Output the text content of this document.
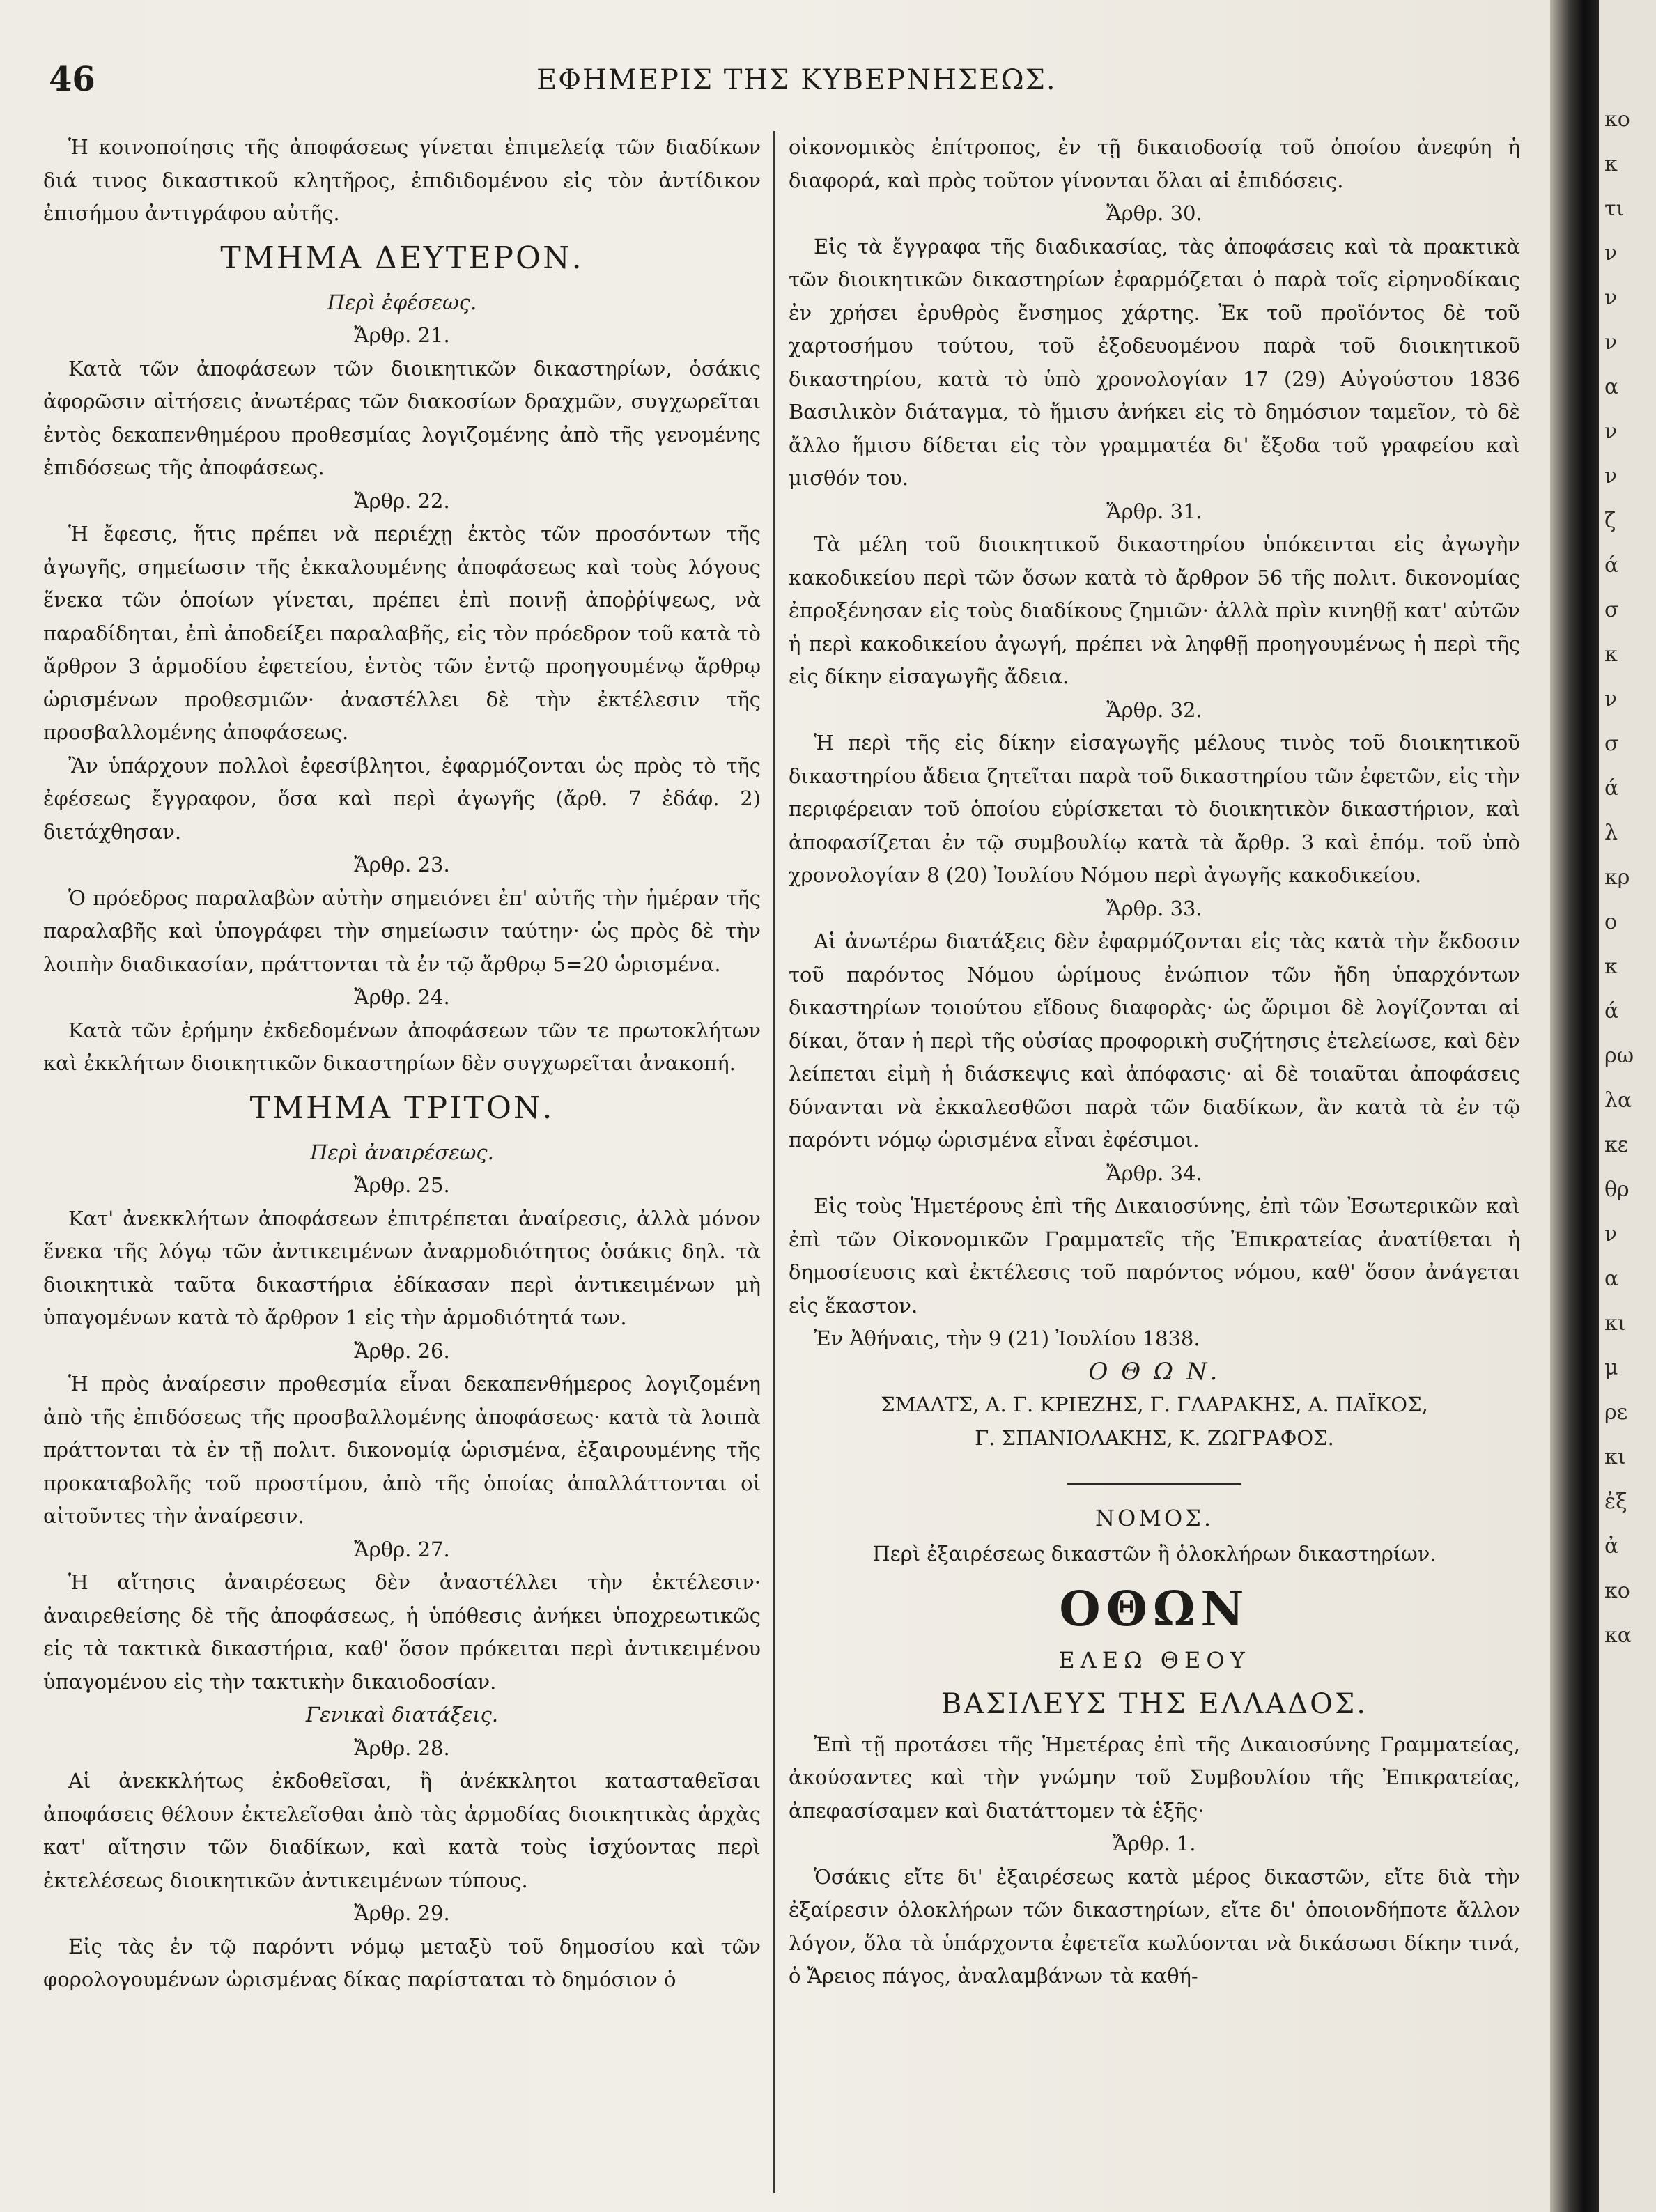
46	ΕΦΗΜΕΡΙΣ ΤΗΣ ΚΥΒΕΡΝΗΣΕΩΣ.

Ἡ κοινοποίησις τῆς ἀποφάσεως γίνεται ἐπιμελείᾳ τῶν διαδίκων διά τινος δικαστικοῦ κλητῆρος, ἐπιδιδομένου εἰς τὸν ἀντίδικον ἐπισήμου ἀντιγράφου αὐτῆς.

ΤΜΗΜΑ ΔΕΥΤΕΡΟΝ.
Περὶ ἐφέσεως.
Ἄρθρ. 21.

Κατὰ τῶν ἀποφάσεων τῶν διοικητικῶν δικαστηρίων, ὁσάκις ἀφορῶσιν αἰτήσεις ἀνωτέρας τῶν διακοσίων δραχμῶν, συγχωρεῖται ἐντὸς δεκαπενθημέρου προθεσμίας λογιζομένης ἀπὸ τῆς γενομένης ἐπιδόσεως τῆς ἀποφάσεως.

Ἄρθρ. 22.

Ἡ ἔφεσις, ἥτις πρέπει νὰ περιέχῃ ἐκτὸς τῶν προσόντων τῆς ἀγωγῆς, σημείωσιν τῆς ἐκκαλουμένης ἀποφάσεως καὶ τοὺς λόγους ἕνεκα τῶν ὁποίων γίνεται, πρέπει ἐπὶ ποινῇ ἀποῤῥίψεως, νὰ παραδίδηται, ἐπὶ ἀποδείξει παραλαβῆς, εἰς τὸν πρόεδρον τοῦ κατὰ τὸ ἄρθρον 3 ἁρμοδίου ἐφετείου, ἐντὸς τῶν ἐντῷ προηγουμένῳ ἄρθρῳ ὡρισμένων προθεσμιῶν· ἀναστέλλει δὲ τὴν ἐκτέλεσιν τῆς προσβαλλομένης ἀποφάσεως.

Ἂν ὑπάρχουν πολλοὶ ἐφεσίβλητοι, ἐφαρμόζονται ὡς πρὸς τὸ τῆς ἐφέσεως ἔγγραφον, ὅσα καὶ περὶ ἀγωγῆς (ἄρθ. 7 ἐδάφ. 2) διετάχθησαν.

Ἄρθρ. 23.

Ὁ πρόεδρος παραλαβὼν αὐτὴν σημειόνει ἐπ' αὐτῆς τὴν ἡμέραν τῆς παραλαβῆς καὶ ὑπογράφει τὴν σημείωσιν ταύτην· ὡς πρὸς δὲ τὴν λοιπὴν διαδικασίαν, πράττονται τὰ ἐν τῷ ἄρθρῳ 5=20 ὡρισμένα.

Ἄρθρ. 24.

Κατὰ τῶν ἐρήμην ἐκδεδομένων ἀποφάσεων τῶν τε πρωτοκλήτων καὶ ἐκκλήτων διοικητικῶν δικαστηρίων δὲν συγχωρεῖται ἀνακοπή.

ΤΜΗΜΑ ΤΡΙΤΟΝ.
Περὶ ἀναιρέσεως.
Ἄρθρ. 25.

Κατ' ἀνεκκλήτων ἀποφάσεων ἐπιτρέπεται ἀναίρεσις, ἀλλὰ μόνον ἕνεκα τῆς λόγῳ τῶν ἀντικειμένων ἀναρμοδιότητος ὁσάκις δηλ. τὰ διοικητικὰ ταῦτα δικαστήρια ἐδίκασαν περὶ ἀντικειμένων μὴ ὑπαγομένων κατὰ τὸ ἄρθρον 1 εἰς τὴν ἁρμοδιότητά των.

Ἄρθρ. 26.

Ἡ πρὸς ἀναίρεσιν προθεσμία εἶναι δεκαπενθήμερος λογιζομένη ἀπὸ τῆς ἐπιδόσεως τῆς προσβαλλομένης ἀποφάσεως· κατὰ τὰ λοιπὰ πράττονται τὰ ἐν τῇ πολιτ. δικονομίᾳ ὡρισμένα, ἐξαιρουμένης τῆς προκαταβολῆς τοῦ προστίμου, ἀπὸ τῆς ὁποίας ἀπαλλάττονται οἱ αἰτοῦντες τὴν ἀναίρεσιν.

Ἄρθρ. 27.

Ἡ αἴτησις ἀναιρέσεως δὲν ἀναστέλλει τὴν ἐκτέλεσιν· ἀναιρεθείσης δὲ τῆς ἀποφάσεως, ἡ ὑπόθεσις ἀνήκει ὑποχρεωτικῶς εἰς τὰ τακτικὰ δικαστήρια, καθ' ὅσον πρόκειται περὶ ἀντικειμένου ὑπαγομένου εἰς τὴν τακτικὴν δικαιοδοσίαν.

Γενικαὶ διατάξεις.
Ἄρθρ. 28.

Αἱ ἀνεκκλήτως ἐκδοθεῖσαι, ἢ ἀνέκκλητοι κατασταθεῖσαι ἀποφάσεις θέλουν ἐκτελεῖσθαι ἀπὸ τὰς ἁρμοδίας διοικητικὰς ἀρχὰς κατ' αἴτησιν τῶν διαδίκων, καὶ κατὰ τοὺς ἰσχύοντας περὶ ἐκτελέσεως διοικητικῶν ἀντικειμένων τύπους.

Ἄρθρ. 29.

Εἰς τὰς ἐν τῷ παρόντι νόμῳ μεταξὺ τοῦ δημοσίου καὶ τῶν φορολογουμένων ὡρισμένας δίκας παρίσταται τὸ δημόσιον ὁ

οἰκονομικὸς ἐπίτροπος, ἐν τῇ δικαιοδοσίᾳ τοῦ ὁποίου ἀνεφύη ἡ διαφορά, καὶ πρὸς τοῦτον γίνονται ὅλαι αἱ ἐπιδόσεις.

Ἄρθρ. 30.

Εἰς τὰ ἔγγραφα τῆς διαδικασίας, τὰς ἀποφάσεις καὶ τὰ πρακτικὰ τῶν διοικητικῶν δικαστηρίων ἐφαρμόζεται ὁ παρὰ τοῖς εἰρηνοδίκαις ἐν χρήσει ἐρυθρὸς ἔνσημος χάρτης. Ἐκ τοῦ προϊόντος δὲ τοῦ χαρτοσήμου τούτου, τοῦ ἐξοδευομένου παρὰ τοῦ διοικητικοῦ δικαστηρίου, κατὰ τὸ ὑπὸ χρονολογίαν 17 (29) Αὐγούστου 1836 Βασιλικὸν διάταγμα, τὸ ἥμισυ ἀνήκει εἰς τὸ δημόσιον ταμεῖον, τὸ δὲ ἄλλο ἥμισυ δίδεται εἰς τὸν γραμματέα δι' ἔξοδα τοῦ γραφείου καὶ μισθόν του.

Ἄρθρ. 31.

Τὰ μέλη τοῦ διοικητικοῦ δικαστηρίου ὑπόκεινται εἰς ἀγωγὴν κακοδικείου περὶ τῶν ὅσων κατὰ τὸ ἄρθρον 56 τῆς πολιτ. δικονομίας ἐπροξένησαν εἰς τοὺς διαδίκους ζημιῶν· ἀλλὰ πρὶν κινηθῇ κατ' αὐτῶν ἡ περὶ κακοδικείου ἀγωγή, πρέπει νὰ ληφθῇ προηγουμένως ἡ περὶ τῆς εἰς δίκην εἰσαγωγῆς ἄδεια.

Ἄρθρ. 32.

Ἡ περὶ τῆς εἰς δίκην εἰσαγωγῆς μέλους τινὸς τοῦ διοικητικοῦ δικαστηρίου ἄδεια ζητεῖται παρὰ τοῦ δικαστηρίου τῶν ἐφετῶν, εἰς τὴν περιφέρειαν τοῦ ὁποίου εὑρίσκεται τὸ διοικητικὸν δικαστήριον, καὶ ἀποφασίζεται ἐν τῷ συμβουλίῳ κατὰ τὰ ἄρθρ. 3 καὶ ἑπόμ. τοῦ ὑπὸ χρονολογίαν 8 (20) Ἰουλίου Νόμου περὶ ἀγωγῆς κακοδικείου.

Ἄρθρ. 33.

Αἱ ἀνωτέρω διατάξεις δὲν ἐφαρμόζονται εἰς τὰς κατὰ τὴν ἔκδοσιν τοῦ παρόντος Νόμου ὡρίμους ἐνώπιον τῶν ἤδη ὑπαρχόντων δικαστηρίων τοιούτου εἴδους διαφορὰς· ὡς ὥριμοι δὲ λογίζονται αἱ δίκαι, ὅταν ἡ περὶ τῆς οὐσίας προφορικὴ συζήτησις ἐτελείωσε, καὶ δὲν λείπεται εἰμὴ ἡ διάσκεψις καὶ ἀπόφασις· αἱ δὲ τοιαῦται ἀποφάσεις δύνανται νὰ ἐκκαλεσθῶσι παρὰ τῶν διαδίκων, ἂν κατὰ τὰ ἐν τῷ παρόντι νόμῳ ὡρισμένα εἶναι ἐφέσιμοι.

Ἄρθρ. 34.

Εἰς τοὺς Ἡμετέρους ἐπὶ τῆς Δικαιοσύνης, ἐπὶ τῶν Ἐσωτερικῶν καὶ ἐπὶ τῶν Οἰκονομικῶν Γραμματεῖς τῆς Ἐπικρατείας ἀνατίθεται ἡ δημοσίευσις καὶ ἐκτέλεσις τοῦ παρόντος νόμου, καθ' ὅσον ἀνάγεται εἰς ἕκαστον.

Ἐν Ἀθήναις, τὴν 9 (21) Ἰουλίου 1838.

Ο Θ Ω Ν.
ΣΜΑΛΤΣ, Α. Γ. ΚΡΙΕΖΗΣ, Γ. ΓΛΑΡΑΚΗΣ, Α. ΠΑΪΚΟΣ,
Γ. ΣΠΑΝΙΟΛΑΚΗΣ, Κ. ΖΩΓΡΑΦΟΣ.
ΝΟΜΟΣ.
Περὶ ἐξαιρέσεως δικαστῶν ἢ ὁλοκλήρων δικαστηρίων.
ΟΘΩΝ
ΕΛΕΩ ΘΕΟΥ
ΒΑΣΙΛΕΥΣ ΤΗΣ ΕΛΛΑΔΟΣ.

Ἐπὶ τῇ προτάσει τῆς Ἡμετέρας ἐπὶ τῆς Δικαιοσύνης Γραμματείας, ἀκούσαντες καὶ τὴν γνώμην τοῦ Συμβουλίου τῆς Ἐπικρατείας, ἀπεφασίσαμεν καὶ διατάττομεν τὰ ἑξῆς·

Ἄρθρ. 1.

Ὁσάκις εἴτε δι' ἐξαιρέσεως κατὰ μέρος δικαστῶν, εἴτε διὰ τὴν ἐξαίρεσιν ὁλοκλήρων τῶν δικαστηρίων, εἴτε δι' ὁποιονδήποτε ἄλλον λόγον, ὅλα τὰ ὑπάρχοντα ἐφετεῖα κωλύονται νὰ δικάσωσι δίκην τινά, ὁ Ἄρειος πάγος, ἀναλαμβάνων τὰ καθή-

κο
κ
τι
ν
ν
ν
α
ν
ν
ζ
ά
σ
κ
ν
σ
ά
λ
κρ
ο
κ
ά
ρω
λα
κε
θρ
ν
α
κι
μ
ρε
κι
ἐξ
ἀ
κο
κα
